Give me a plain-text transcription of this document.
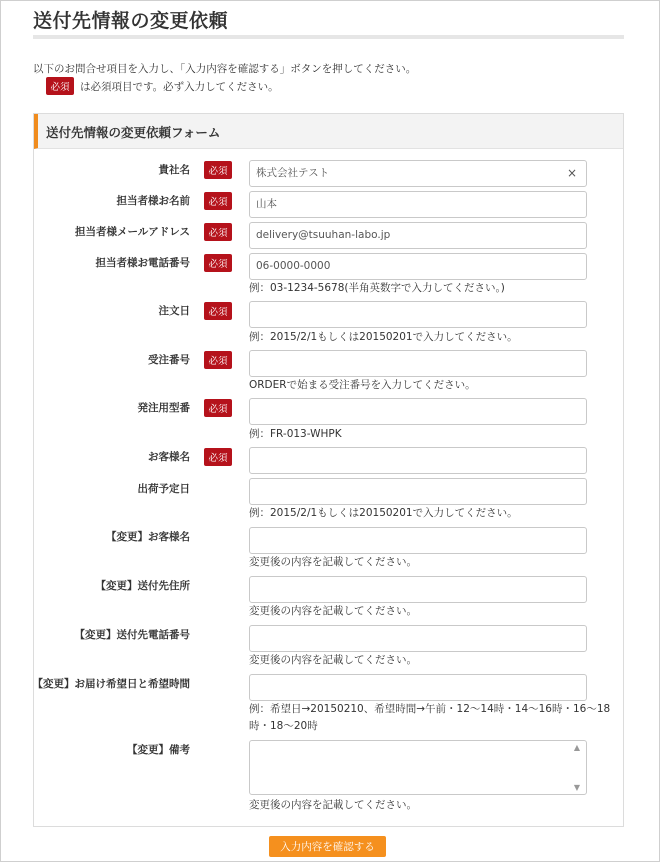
送付先情報の変更依頼
以下のお問合せ項目を入力し、「入力内容を確認する」ボタンを押してください。
必須	は必須項目です。必ず入力してください。
送付先情報の変更依頼フォーム
貴社名	必須	株式会社テスト	×
担当者様お名前	必須	山本
担当者様メールアドレス	必須	delivery@tsuuhan-labo.jp
担当者様お電話番号	必須	06-0000-0000
例：03-1234-5678(半角英数字で入力してください。)
注文日	必須
例：2015/2/1もしくは20150201で入力してください。
受注番号	必須
ORDERで始まる受注番号を入力してください。
発注用型番	必須
例：FR-013-WHPK
お客様名	必須
出荷予定日
例：2015/2/1もしくは20150201で入力してください。
【変更】お客様名
変更後の内容を記載してください。
【変更】送付先住所
変更後の内容を記載してください。
【変更】送付先電話番号
変更後の内容を記載してください。
【変更】お届け希望日と希望時間
例：希望日→20150210、希望時間→午前・12〜14時・14〜16時・16〜18時・18〜20時
【変更】備考	▲
▼
変更後の内容を記載してください。
入力内容を確認する
